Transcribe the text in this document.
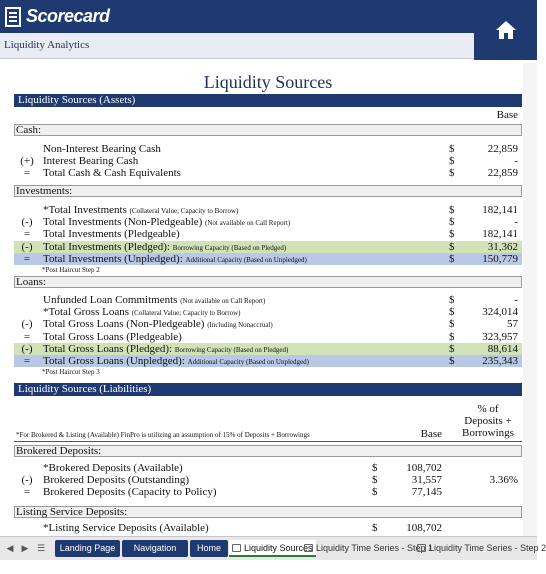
Scorecard
Liquidity Analytics
Liquidity Sources
Liquidity Sources (Assets)
Base
Cash:
Non-Interest Bearing Cash	$	22,859
(+) Interest Bearing Cash	$	-
=	Total Cash & Cash Equivalents	$	22,859
Investments:
*Total Investments (Collateral Value; Capacity to Borrow)	$	182,141
(-) Total Investments (Non-Pledgeable) (Not available on Call Report)	$	-
=	Total Investments (Pledgeable)	$	182,141
(-) Total Investments (Pledged): Borrowing Capacity (Based on Pledged)	$	31,362
=	Total Investments (Unpledged): Additional Capacity (Based on Unpledged)	$	150,779
*Post Haircut Step 2
Loans:
Unfunded Loan Commitments (Not available on Call Report)	$	-
*Total Gross Loans (Collateral Value; Capacity to Borrow)	$	324,014
(-) Total Gross Loans (Non-Pledgeable) (Including Nonaccrual)	$	57
=	Total Gross Loans (Pledgeable)	$	323,957
(-) Total Gross Loans (Pledged): Borrowing Capacity (Based on Pledged)	$	88,614
=	Total Gross Loans (Unpledged): Additional Capacity (Based on Unpledged)	$	235,343
*Post Haircut Step 3
Liquidity Sources (Liabilities)
% of
Deposits +
Borrowings
*For Brokered & Listing (Available) FinPro is utilizing an assumption of 15% of Deposits + Borrowings	Base
Brokered Deposits:
*Brokered Deposits (Available)	$	108,702
(-) Brokered Deposits (Outstanding)	$	31,557	3.36%
=	Brokered Deposits (Capacity to Policy)	$	77,145
Listing Service Deposits:
*Listing Service Deposits (Available)	$	108,702
◀ ▶ ☰	Landing Page	Navigation Pane
Home	Liquidity Sources Liquidity Time Series - Step 1
Liquidity Time Series - Step 2
